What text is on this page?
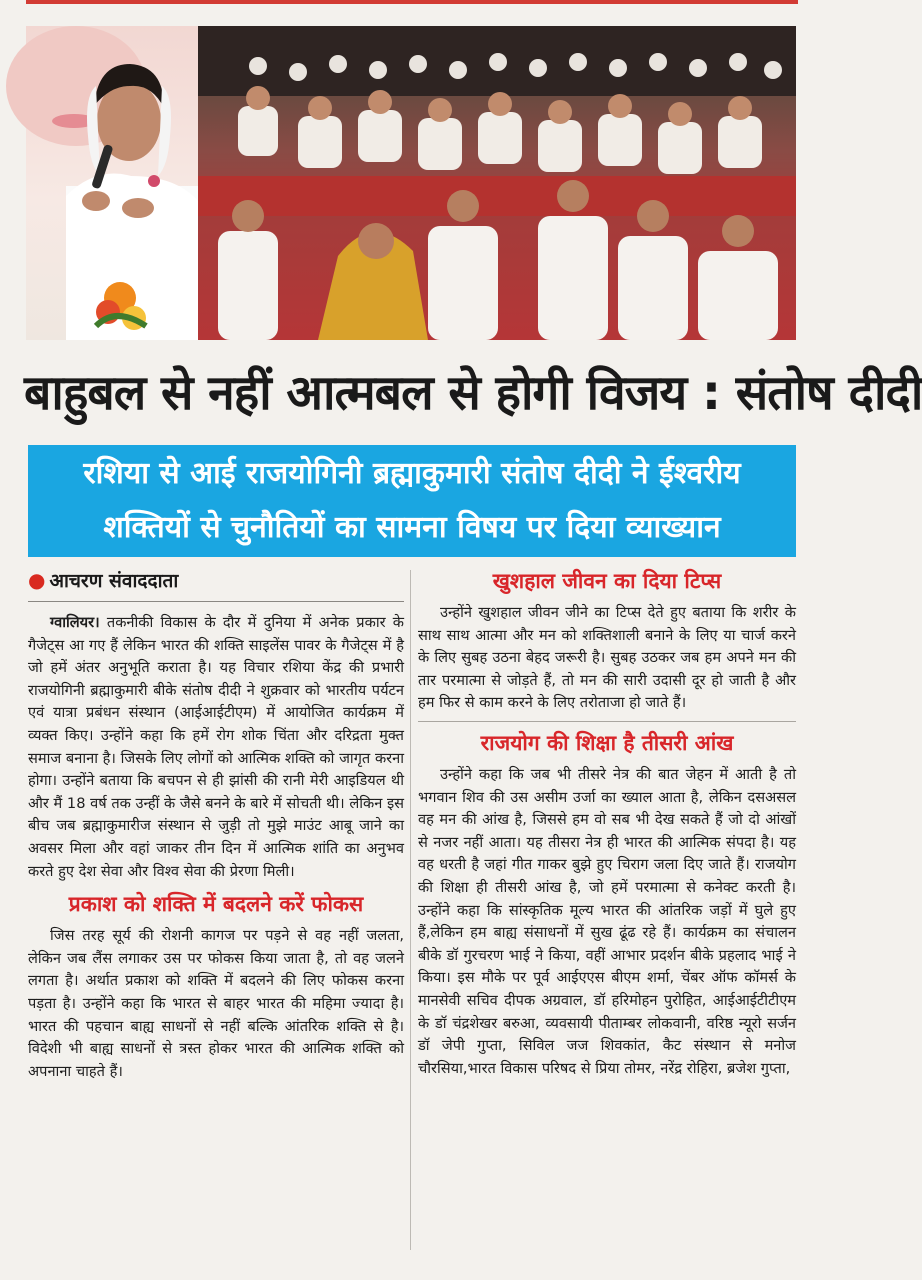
बाहुबल से नहीं आत्मबल से होगी विजय : संतोष दीदी
रशिया से आई राजयोगिनी ब्रह्माकुमारी संतोष दीदी ने ईश्वरीय
शक्तियों से चुनौतियों का सामना विषय पर दिया व्याख्यान
● आचरण संवाददाता

ग्वालियर। तकनीकी विकास के दौर में दुनिया में अनेक प्रकार के गैजेट्स आ गए हैं लेकिन भारत की शक्ति साइलेंस पावर के गैजेट्स में है जो हमें अंतर अनुभूति कराता है। यह विचार रशिया केंद्र की प्रभारी राजयोगिनी ब्रह्माकुमारी बीके संतोष दीदी ने शुक्रवार को भारतीय पर्यटन एवं यात्रा प्रबंधन संस्थान (आईआईटीएम) में आयोजित कार्यक्रम में व्यक्त किए। उन्होंने कहा कि हमें रोग शोक चिंता और दरिद्रता मुक्त समाज बनाना है। जिसके लिए लोगों को आत्मिक शक्ति को जागृत करना होगा। उन्होंने बताया कि बचपन से ही झांसी की रानी मेरी आइडियल थी और मैं 18 वर्ष तक उन्हीं के जैसे बनने के बारे में सोचती थी। लेकिन इस बीच जब ब्रह्माकुमारीज संस्थान से जुड़ी तो मुझे माउंट आबू जाने का अवसर मिला और वहां जाकर तीन दिन में आत्मिक शांति का अनुभव करते हुए देश सेवा और विश्व सेवा की प्रेरणा मिली।

प्रकाश को शक्ति में बदलने करें फोकस

जिस तरह सूर्य की रोशनी कागज पर पड़ने से वह नहीं जलता, लेकिन जब लैंस लगाकर उस पर फोकस किया जाता है, तो वह जलने लगता है। अर्थात प्रकाश को शक्ति में बदलने की लिए फोकस करना पड़ता है। उन्होंने कहा कि भारत से बाहर भारत की महिमा ज्यादा है। भारत की पहचान बाह्य साधनों से नहीं बल्कि आंतरिक शक्ति से है। विदेशी भी बाह्य साधनों से त्रस्त होकर भारत की आत्मिक शक्ति को अपनाना चाहते हैं।

खुशहाल जीवन का दिया टिप्स

उन्होंने खुशहाल जीवन जीने का टिप्स देते हुए बताया कि शरीर के साथ साथ आत्मा और मन को शक्तिशाली बनाने के लिए या चार्ज करने के लिए सुबह उठना बेहद जरूरी है। सुबह उठकर जब हम अपने मन की तार परमात्मा से जोड़ते हैं, तो मन की सारी उदासी दूर हो जाती है और हम फिर से काम करने के लिए तरोताजा हो जाते हैं।

राजयोग की शिक्षा है तीसरी आंख

उन्होंने कहा कि जब भी तीसरे नेत्र की बात जेहन में आती है तो भगवान शिव की उस असीम उर्जा का ख्याल आता है, लेकिन दसअसल वह मन की आंख है, जिससे हम वो सब भी देख सकते हैं जो दो आंखों से नजर नहीं आता। यह तीसरा नेत्र ही भारत की आत्मिक संपदा है। यह वह धरती है जहां गीत गाकर बुझे हुए चिराग जला दिए जाते हैं। राजयोग की शिक्षा ही तीसरी आंख है, जो हमें परमात्मा से कनेक्ट करती है। उन्होंने कहा कि सांस्कृतिक मूल्य भारत की आंतरिक जड़ों में घुले हुए हैं,लेकिन हम बाह्य संसाधनों में सुख ढूंढ रहे हैं। कार्यक्रम का संचालन बीके डॉ गुरचरण भाई ने किया, वहीं आभार प्रदर्शन बीके प्रहलाद भाई ने किया। इस मौके पर पूर्व आईएएस बीएम शर्मा, चेंबर ऑफ कॉमर्स के मानसेवी सचिव दीपक अग्रवाल, डॉ हरिमोहन पुरोहित, आईआईटीटीएम के डॉ चंद्रशेखर बरुआ, व्यवसायी पीताम्बर लोकवानी, वरिष्ठ न्यूरो सर्जन डॉ जेपी गुप्ता, सिविल जज शिवकांत, कैट संस्थान से मनोज चौरसिया,भारत विकास परिषद से प्रिया तोमर, नरेंद्र रोहिरा, ब्रजेश गुप्ता,
